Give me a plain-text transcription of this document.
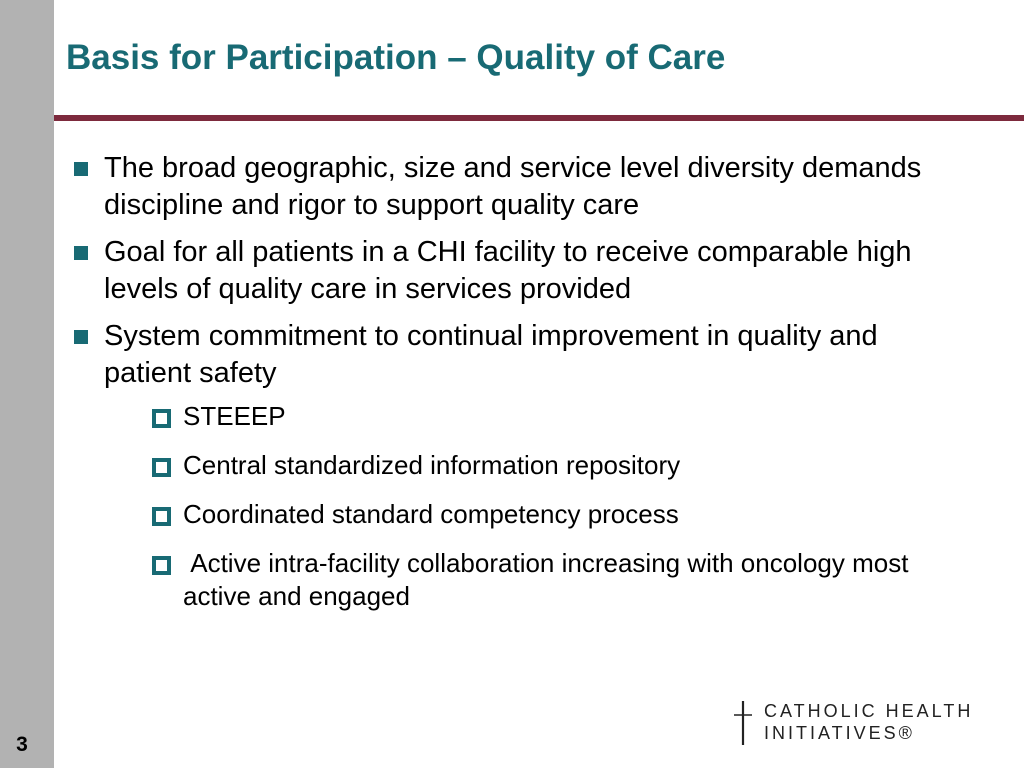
3
Basis for Participation – Quality of Care
The broad geographic, size and service level diversity demands discipline and rigor to support quality care
Goal for all patients in a CHI facility to receive comparable high levels of quality care in services provided
System commitment to continual improvement in quality and patient safety
STEEEP
Central standardized information repository
Coordinated standard competency process
Active intra-facility collaboration increasing with oncology most active and engaged
CATHOLIC HEALTH
INITIATIVES®
